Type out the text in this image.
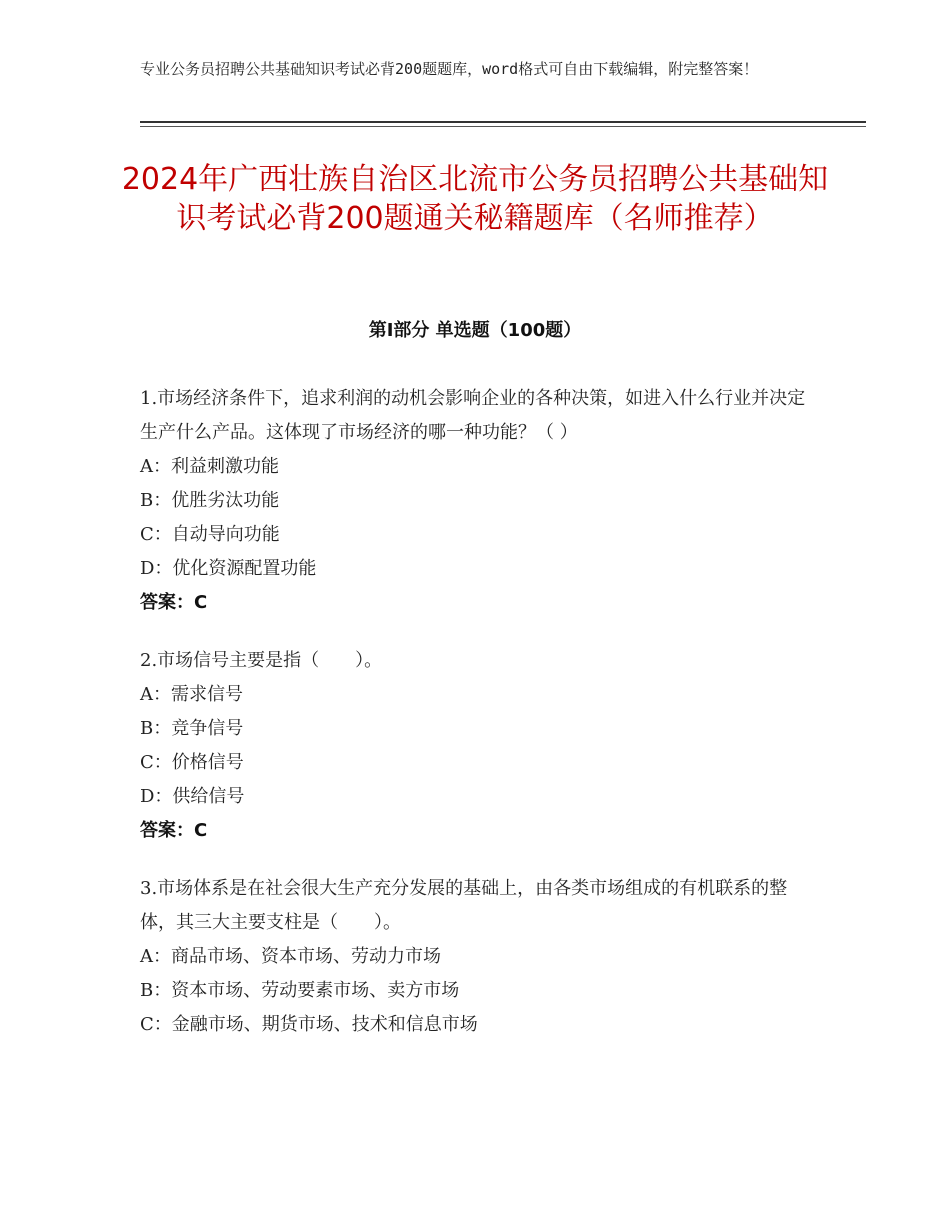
专业公务员招聘公共基础知识考试必背200题题库，word格式可自由下载编辑，附完整答案！
2024年广西壮族自治区北流市公务员招聘公共基础知识考试必背200题通关秘籍题库（名师推荐）
第Ⅰ部分 单选题（100题）
1.市场经济条件下，追求利润的动机会影响企业的各种决策，如进入什么行业并决定生产什么产品。这体现了市场经济的哪一种功能？（ ）
A：利益刺激功能
B：优胜劣汰功能
C：自动导向功能
D：优化资源配置功能
答案：C
2.市场信号主要是指（　　）。
A：需求信号
B：竞争信号
C：价格信号
D：供给信号
答案：C
3.市场体系是在社会很大生产充分发展的基础上，由各类市场组成的有机联系的整体，其三大主要支柱是（　　）。
A：商品市场、资本市场、劳动力市场
B：资本市场、劳动要素市场、卖方市场
C：金融市场、期货市场、技术和信息市场
